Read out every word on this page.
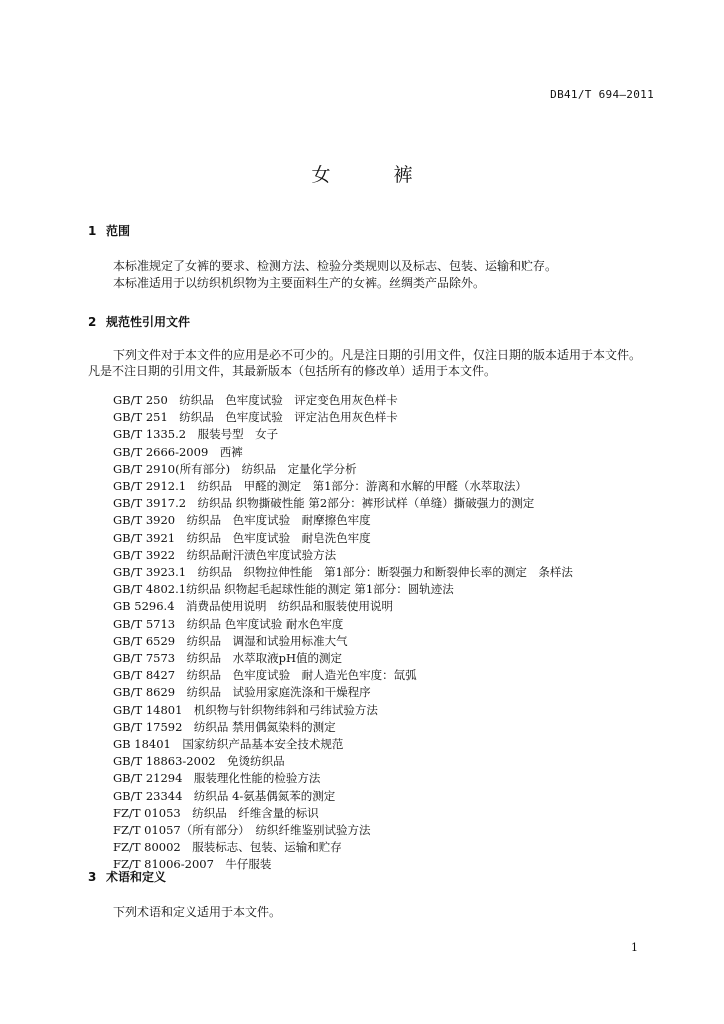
DB41/T 694—2011
女　裤
1 范围
本标准规定了女裤的要求、检测方法、检验分类规则以及标志、包装、运输和贮存。
本标准适用于以纺织机织物为主要面料生产的女裤。丝绸类产品除外。
2 规范性引用文件
下列文件对于本文件的应用是必不可少的。凡是注日期的引用文件，仅注日期的版本适用于本文件。
凡是不注日期的引用文件，其最新版本（包括所有的修改单）适用于本文件。
GB/T 250　纺织品　色牢度试验　评定变色用灰色样卡
GB/T 251　纺织品　色牢度试验　评定沾色用灰色样卡
GB/T 1335.2　服装号型　女子
GB/T 2666-2009　西裤
GB/T 2910(所有部分)　纺织品　定量化学分析
GB/T 2912.1　纺织品　甲醛的测定　第1部分：游离和水解的甲醛（水萃取法）
GB/T 3917.2　纺织品 织物撕破性能 第2部分：裤形试样（单缝）撕破强力的测定
GB/T 3920　纺织品　色牢度试验　耐摩擦色牢度
GB/T 3921　纺织品　色牢度试验　耐皂洗色牢度
GB/T 3922　纺织品耐汗渍色牢度试验方法
GB/T 3923.1　纺织品　织物拉伸性能　第1部分：断裂强力和断裂伸长率的测定　条样法
GB/T 4802.1纺织品 织物起毛起球性能的测定 第1部分：圆轨迹法
GB 5296.4　消费品使用说明　纺织品和服装使用说明
GB/T 5713　纺织品 色牢度试验 耐水色牢度
GB/T 6529　纺织品　调湿和试验用标准大气
GB/T 7573　纺织品　水萃取液pH值的测定
GB/T 8427　纺织品　色牢度试验　耐人造光色牢度：氙弧
GB/T 8629　纺织品　试验用家庭洗涤和干燥程序
GB/T 14801　机织物与针织物纬斜和弓纬试验方法
GB/T 17592　纺织品 禁用偶氮染料的测定
GB 18401　国家纺织产品基本安全技术规范
GB/T 18863-2002　免烫纺织品
GB/T 21294　服装理化性能的检验方法
GB/T 23344　纺织品 4-氨基偶氮苯的测定
FZ/T 01053　纺织品　纤维含量的标识
FZ/T 01057（所有部分）　纺织纤维鉴别试验方法
FZ/T 80002　服装标志、包装、运输和贮存
FZ/T 81006-2007　牛仔服装
3 术语和定义
下列术语和定义适用于本文件。
1
